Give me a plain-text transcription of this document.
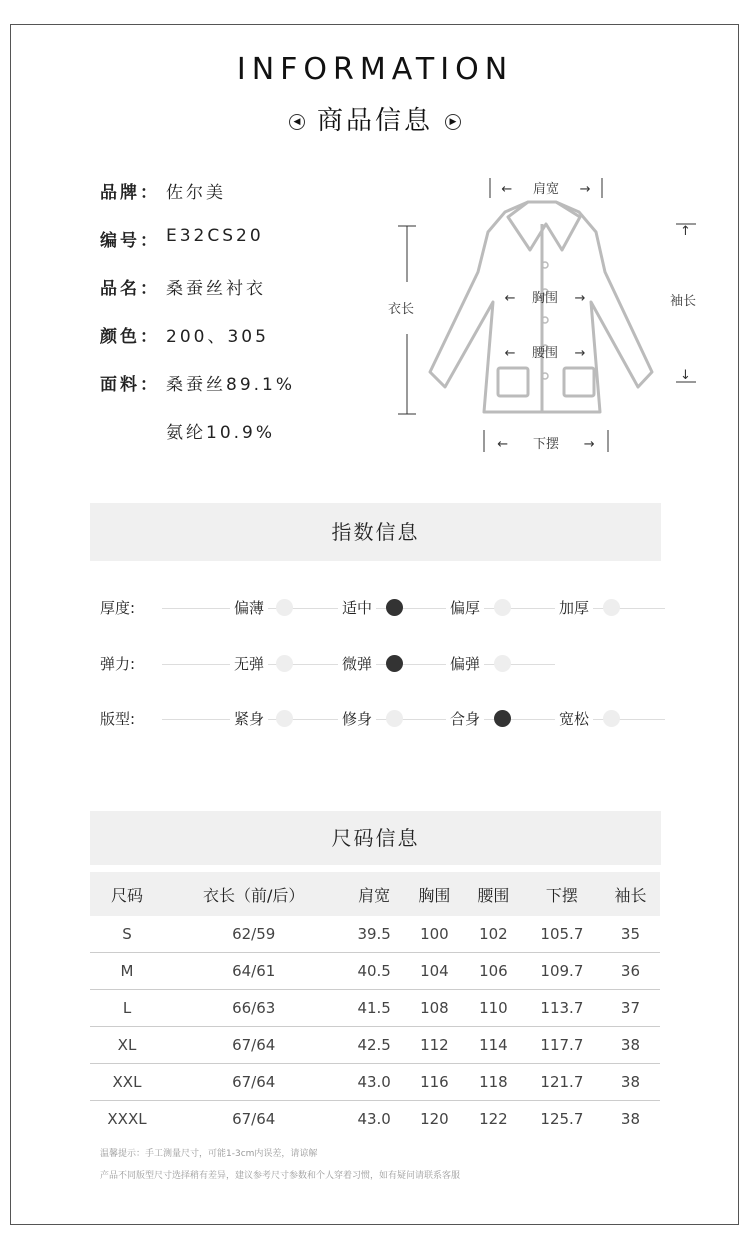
INFORMATION
◀ 商品信息 ▶
品牌： 佐尔美
编号： E32CS20
品名： 桑蚕丝衬衣
颜色： 200、305
面料： 桑蚕丝89.1%
氨纶10.9%
←     肩宽     →
衣长
袖长
↑
↓
←    胸围    →
←    腰围    →
←      下摆      →
指数信息
厚度:	偏薄	适中	偏厚	加厚
弹力:	无弹	微弹	偏弹
版型:	紧身	修身	合身	宽松
尺码信息
尺码	衣长（前/后）	肩宽	胸围	腰围	下摆	袖长
S	62/59	39.5	100	102	105.7	35
M	64/61	40.5	104	106	109.7	36
L	66/63	41.5	108	110	113.7	37
XL	67/64	42.5	112	114	117.7	38
XXL	67/64	43.0	116	118	121.7	38
XXXL	67/64	43.0	120	122	125.7	38
温馨提示：手工测量尺寸，可能1-3cm内误差，请谅解
产品不同版型尺寸选择稍有差异，建议参考尺寸参数和个人穿着习惯，如有疑问请联系客服
